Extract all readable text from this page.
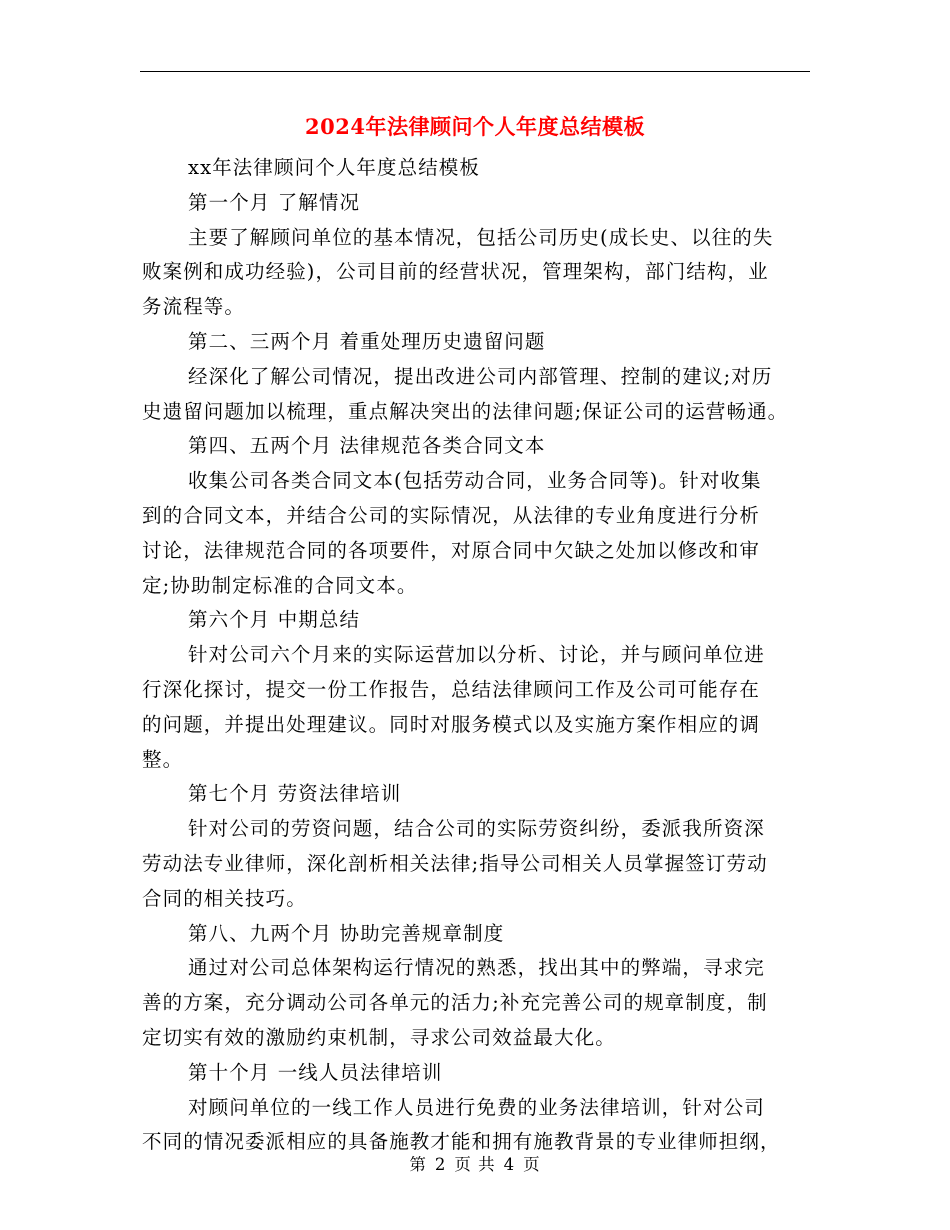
2024年法律顾问个人年度总结模板
xx年法律顾问个人年度总结模板
第一个月 了解情况
主要了解顾问单位的基本情况，包括公司历史(成长史、以往的失
败案例和成功经验)，公司目前的经营状况，管理架构，部门结构，业
务流程等。
第二、三两个月 着重处理历史遗留问题
经深化了解公司情况，提出改进公司内部管理、控制的建议;对历
史遗留问题加以梳理，重点解决突出的法律问题;保证公司的运营畅通。
第四、五两个月 法律规范各类合同文本
收集公司各类合同文本(包括劳动合同，业务合同等)。针对收集
到的合同文本，并结合公司的实际情况，从法律的专业角度进行分析
讨论，法律规范合同的各项要件，对原合同中欠缺之处加以修改和审
定;协助制定标准的合同文本。
第六个月 中期总结
针对公司六个月来的实际运营加以分析、讨论，并与顾问单位进
行深化探讨，提交一份工作报告，总结法律顾问工作及公司可能存在
的问题，并提出处理建议。同时对服务模式以及实施方案作相应的调
整。
第七个月 劳资法律培训
针对公司的劳资问题，结合公司的实际劳资纠纷，委派我所资深
劳动法专业律师，深化剖析相关法律;指导公司相关人员掌握签订劳动
合同的相关技巧。
第八、九两个月 协助完善规章制度
通过对公司总体架构运行情况的熟悉，找出其中的弊端，寻求完
善的方案，充分调动公司各单元的活力;补充完善公司的规章制度，制
定切实有效的激励约束机制，寻求公司效益最大化。
第十个月 一线人员法律培训
对顾问单位的一线工作人员进行免费的业务法律培训，针对公司
不同的情况委派相应的具备施教才能和拥有施教背景的专业律师担纲，
第 2 页 共 4 页
